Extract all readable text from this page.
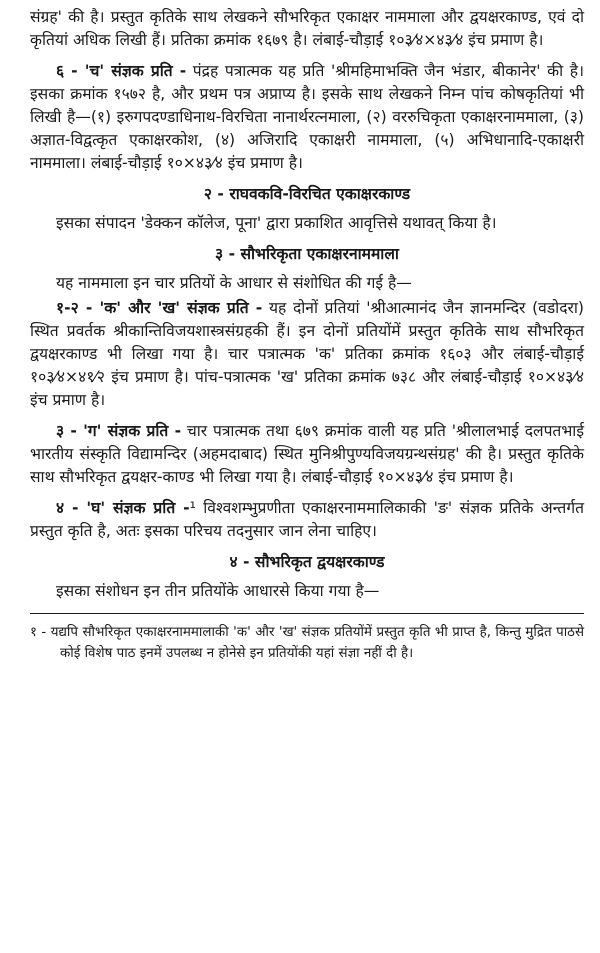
संग्रह' की है। प्रस्तुत कृतिके साथ लेखकने सौभरिकृत एकाक्षर नाममाला और द्वयक्षरकाण्ड, एवं दो कृतियां अधिक लिखी हैं। प्रतिका क्रमांक १६७९ है। लंबाई-चौड़ाई १०३⁄४×४३⁄४ इंच प्रमाण है।

६ - 'च' संज्ञक प्रति - पंद्रह पत्रात्मक यह प्रति 'श्रीमहिमाभक्ति जैन भंडार, बीकानेर' की है। इसका क्रमांक १५७२ है, और प्रथम पत्र अप्राप्य है। इसके साथ लेखकने निम्न पांच कोषकृतियां भी लिखी है—(१) इरुगपदण्डाधिनाथ-विरचिता नानार्थरत्नमाला, (२) वररुचिकृता एकाक्षरनाममाला, (३) अज्ञात-विद्वत्कृत एकाक्षरकोश, (४) अजिरादि एकाक्षरी नाममाला, (५) अभिधानादि-एकाक्षरी नाममाला। लंबाई-चौड़ाई १०×४३⁄४ इंच प्रमाण है।

२ - राघवकवि-विरचित एकाक्षरकाण्ड

इसका संपादन 'डेक्कन कॉलेज, पूना' द्वारा प्रकाशित आवृत्तिसे यथावत् किया है।

३ - सौभरिकृता एकाक्षरनाममाला

यह नाममाला इन चार प्रतियों के आधार से संशोधित की गई है—

१-२ - 'क' और 'ख' संज्ञक प्रति - यह दोनों प्रतियां 'श्रीआत्मानंद जैन ज्ञानमन्दिर (वडोदरा) स्थित प्रवर्तक श्रीकान्तिविजयशास्त्रसंग्रहकी हैं। इन दोनों प्रतियोंमें प्रस्तुत कृतिके साथ सौभरिकृत द्वयक्षरकाण्ड भी लिखा गया है। चार पत्रात्मक 'क' प्रतिका क्रमांक १६०३ और लंबाई-चौड़ाई १०३⁄४×४१⁄२ इंच प्रमाण है। पांच-पत्रात्मक 'ख' प्रतिका क्रमांक ७३८ और लंबाई-चौड़ाई १०×४३⁄४ इंच प्रमाण है।

३ - 'ग' संज्ञक प्रति - चार पत्रात्मक तथा ६७९ क्रमांक वाली यह प्रति 'श्रीलालभाई दलपतभाई भारतीय संस्कृति विद्यामन्दिर (अहमदाबाद) स्थित मुनिश्रीपुण्यविजयग्रन्थसंग्रह' की है। प्रस्तुत कृतिके साथ सौभरिकृत द्वयक्षर-काण्ड भी लिखा गया है। लंबाई-चौड़ाई १०×४३⁄४ इंच प्रमाण है।

४ - 'घ' संज्ञक प्रति -¹ विश्वशम्भुप्रणीता एकाक्षरनाममालिकाकी 'ङ' संज्ञक प्रतिके अन्तर्गत प्रस्तुत कृति है, अतः इसका परिचय तदनुसार जान लेना चाहिए।

४ - सौभरिकृत द्वयक्षरकाण्ड

इसका संशोधन इन तीन प्रतियोंके आधारसे किया गया है—

१ - यद्यपि सौभरिकृत एकाक्षरनाममालाकी 'क' और 'ख' संज्ञक प्रतियोंमें प्रस्तुत कृति भी प्राप्त है, किन्तु मुद्रित पाठसे कोई विशेष पाठ इनमें उपलब्ध न होनेसे इन प्रतियोंकी यहां संज्ञा नहीं दी है।
